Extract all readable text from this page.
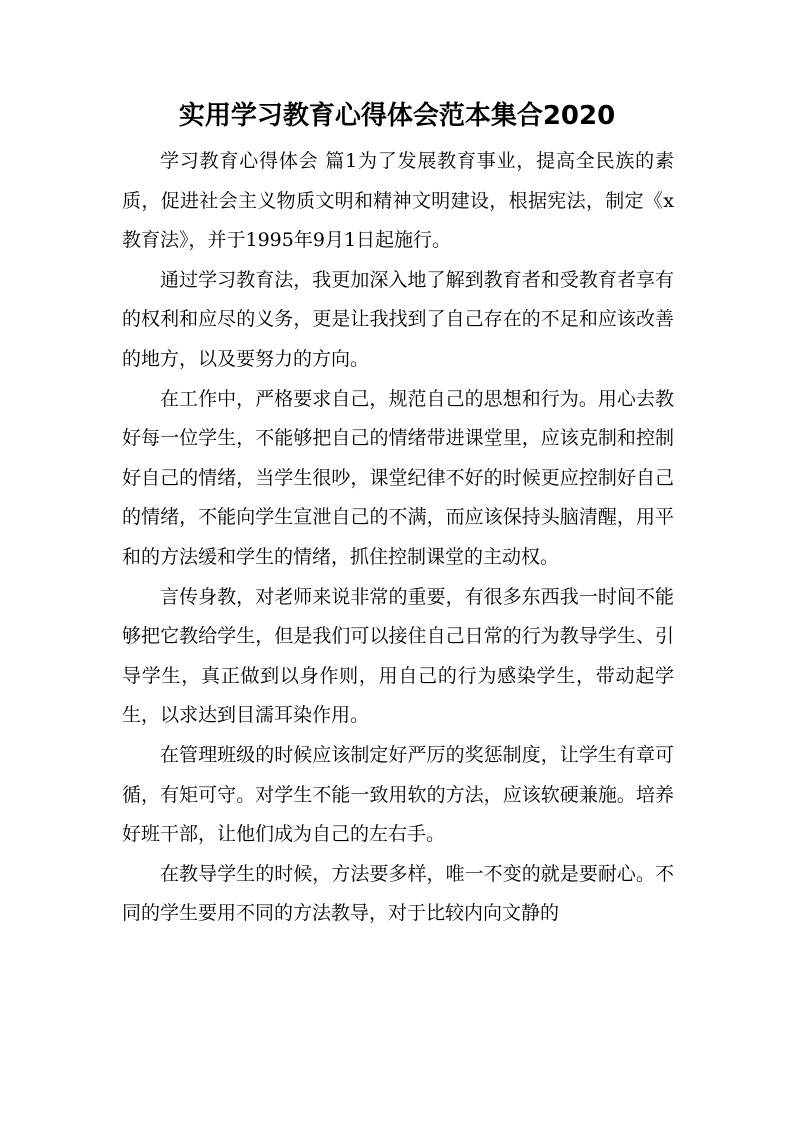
实用学习教育心得体会范本集合2020

学习教育心得体会 篇1为了发展教育事业，提高全民族的素质，促进社会主义物质文明和精神文明建设，根据宪法，制定《x教育法》，并于1995年9月1日起施行。

通过学习教育法，我更加深入地了解到教育者和受教育者享有的权利和应尽的义务，更是让我找到了自己存在的不足和应该改善的地方，以及要努力的方向。

在工作中，严格要求自己，规范自己的思想和行为。用心去教好每一位学生，不能够把自己的情绪带进课堂里，应该克制和控制好自己的情绪，当学生很吵，课堂纪律不好的时候更应控制好自己的情绪，不能向学生宣泄自己的不满，而应该保持头脑清醒，用平和的方法缓和学生的情绪，抓住控制课堂的主动权。

言传身教，对老师来说非常的重要，有很多东西我一时间不能够把它教给学生，但是我们可以接住自己日常的行为教导学生、引导学生，真正做到以身作则，用自己的行为感染学生，带动起学生，以求达到目濡耳染作用。

在管理班级的时候应该制定好严厉的奖惩制度，让学生有章可循，有矩可守。对学生不能一致用软的方法，应该软硬兼施。培养好班干部，让他们成为自己的左右手。

在教导学生的时候，方法要多样，唯一不变的就是要耐心。不同的学生要用不同的方法教导，对于比较内向文静的
